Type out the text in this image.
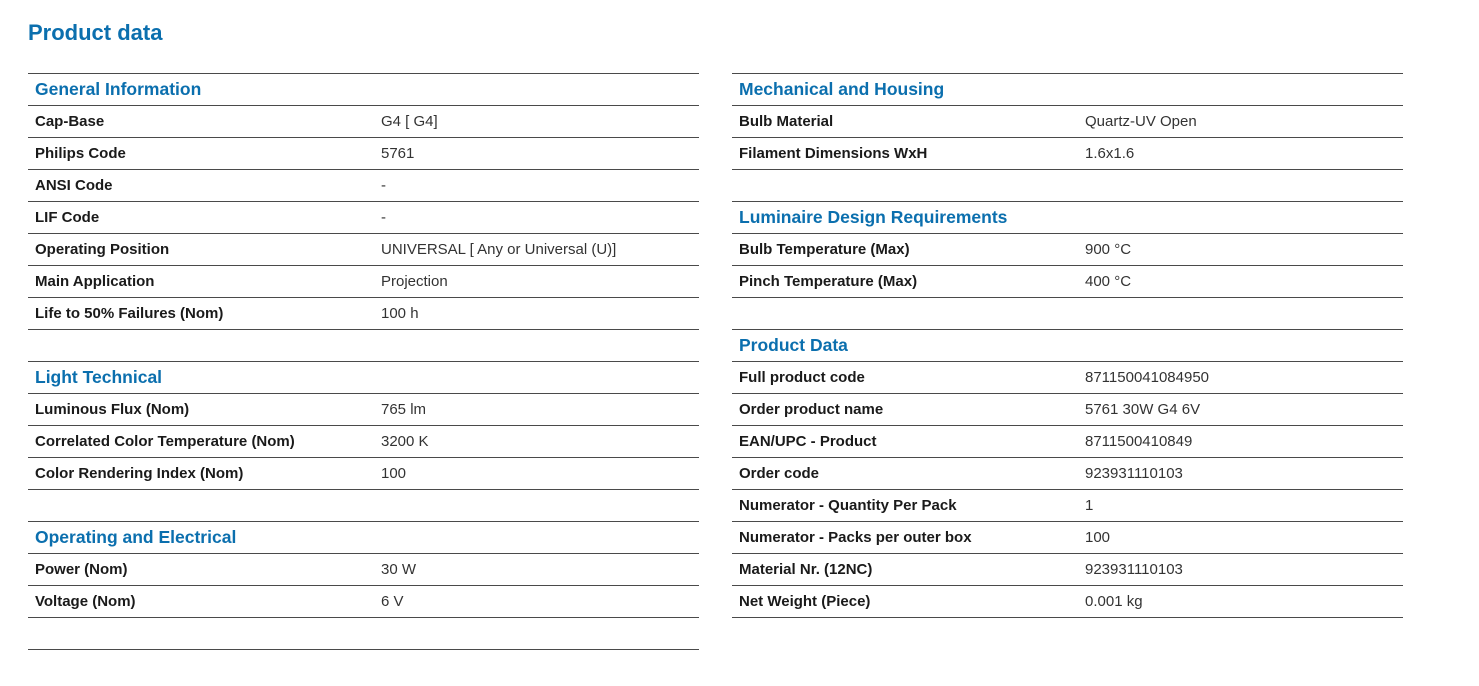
Product data
General Information
Cap-Base	G4 [ G4]
Philips Code	5761
ANSI Code	-
LIF Code	-
Operating Position	UNIVERSAL [ Any or Universal (U)]
Main Application	Projection
Life to 50% Failures (Nom)	100 h
Light Technical
Luminous Flux (Nom)	765 lm
Correlated Color Temperature (Nom)	3200 K
Color Rendering Index (Nom)	100
Operating and Electrical
Power (Nom)	30 W
Voltage (Nom)	6 V
Mechanical and Housing
Bulb Material	Quartz-UV Open
Filament Dimensions WxH	1.6x1.6
Luminaire Design Requirements
Bulb Temperature (Max)	900 °C
Pinch Temperature (Max)	400 °C
Product Data
Full product code	871150041084950
Order product name	5761 30W G4 6V
EAN/UPC - Product	8711500410849
Order code	923931110103
Numerator - Quantity Per Pack	1
Numerator - Packs per outer box	100
Material Nr. (12NC)	923931110103
Net Weight (Piece)	0.001 kg
